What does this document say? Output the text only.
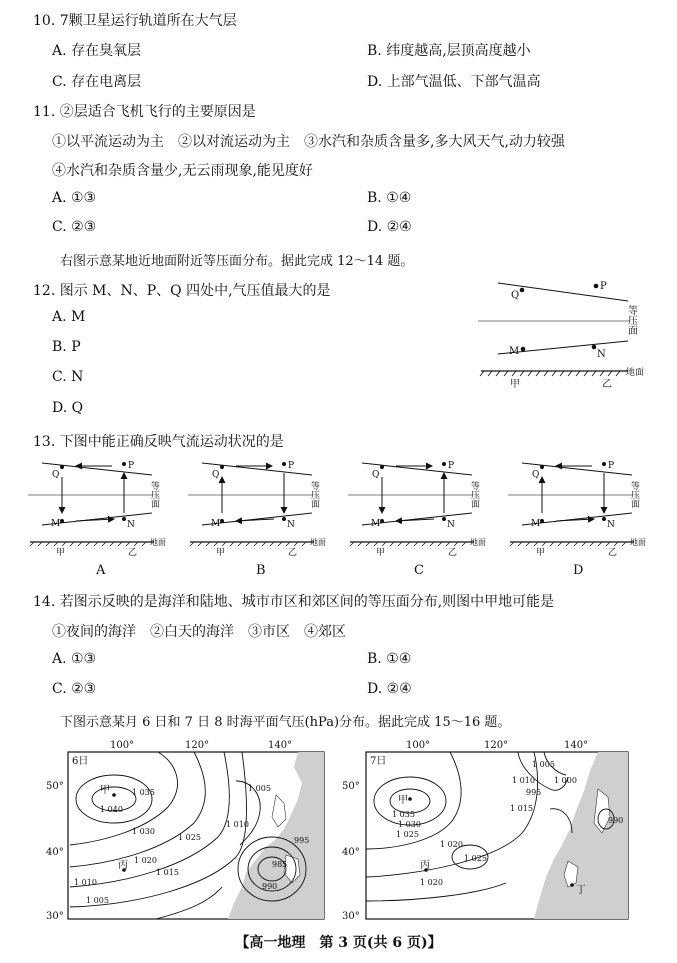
10. 7颗卫星运行轨道所在大气层
A. 存在臭氧层	B. 纬度越高,层顶高度越小
C. 存在电离层	D. 上部气温低、下部气温高
11. ②层适合飞机飞行的主要原因是
①以平流运动为主　②以对流运动为主　③水汽和杂质含量多,多大风天气,动力较强
④水汽和杂质含量少,无云雨现象,能见度好
A. ①③	B. ①④
C. ②③	D. ②④
右图示意某地近地面附近等压面分布。据此完成 12～14 题。
12. 图示 M、N、P、Q 四处中,气压值最大的是
A. M
B. P
C. N
D. Q
Q
P
M	N
等压面
地面
甲	乙
13. 下图中能正确反映气流运动状况的是
A	B	C	D
14. 若图示反映的是海洋和陆地、城市市区和郊区间的等压面分布,则图中甲地可能是
①夜间的海洋　②白天的海洋　③市区　④郊区
A. ①③	B. ①④
C. ②③	D. ②④
下图示意某月 6 日和 7 日 8 时海平面气压(hPa)分布。据此完成 15～16 题。
100°	120°	140°
50°
40°
30°
6日
1 035
1 040
1 030
1 025
1 010
1 005
1 020
1 015
1 010
995
985
990
1 005
甲
丙
100°	120°	140°
50°
40°
30°
7日	1 005
1 000
995
1 010
1 015
1 030
1 035
1 025
1 020
1 025
1 020
990
甲
丙
丁
【高一地理　第 3 页(共 6 页)】
